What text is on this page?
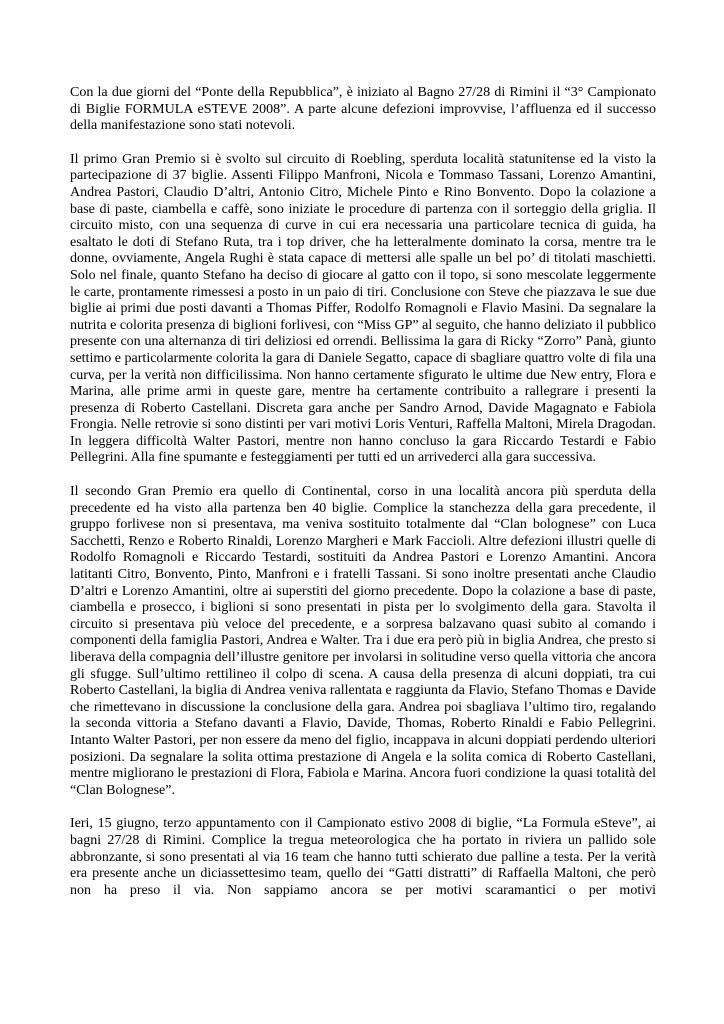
Con la due giorni del “Ponte della Repubblica”, è iniziato al Bagno 27/28 di Rimini il “3° Campionato di Biglie FORMULA eSTEVE 2008”. A parte alcune defezioni improvvise, l’affluenza ed il successo della manifestazione sono stati notevoli.

Il primo Gran Premio si è svolto sul circuito di Roebling, sperduta località statunitense ed la visto la partecipazione di 37 biglie. Assenti Filippo Manfroni, Nicola e Tommaso Tassani, Lorenzo Amantini, Andrea Pastori, Claudio D’altri, Antonio Citro, Michele Pinto e Rino Bonvento. Dopo la colazione a base di paste, ciambella e caffè, sono iniziate le procedure di partenza con il sorteggio della griglia. Il circuito misto, con una sequenza di curve in cui era necessaria una particolare tecnica di guida, ha esaltato le doti di Stefano Ruta, tra i top driver, che ha letteralmente dominato la corsa, mentre tra le donne, ovviamente, Angela Rughi è stata capace di mettersi alle spalle un bel po’ di titolati maschietti. Solo nel finale, quanto Stefano ha deciso di giocare al gatto con il topo, si sono mescolate leggermente le carte, prontamente rimessesi a posto in un paio di tiri. Conclusione con Steve che piazzava le sue due biglie ai primi due posti davanti a Thomas Piffer, Rodolfo Romagnoli e Flavio Masini. Da segnalare la nutrita e colorita presenza di biglioni forlivesi, con “Miss GP” al seguito, che hanno deliziato il pubblico presente con una alternanza di tiri deliziosi ed orrendi. Bellissima la gara di Ricky “Zorro” Panà, giunto settimo e particolarmente colorita la gara di Daniele Segatto, capace di sbagliare quattro volte di fila una curva, per la verità non difficilissima. Non hanno certamente sfigurato le ultime due New entry, Flora e Marina, alle prime armi in queste gare, mentre ha certamente contribuito a rallegrare i presenti la presenza di Roberto Castellani. Discreta gara anche per Sandro Arnod, Davide Magagnato e Fabiola Frongia. Nelle retrovie si sono distinti per vari motivi Loris Venturi, Raffella Maltoni, Mirela Dragodan. In leggera difficoltà Walter Pastori, mentre non hanno concluso la gara Riccardo Testardi e Fabio Pellegrini. Alla fine spumante e festeggiamenti per tutti ed un arrivederci alla gara successiva.

Il secondo Gran Premio era quello di Continental, corso in una località ancora più sperduta della precedente ed ha visto alla partenza ben 40 biglie. Complice la stanchezza della gara precedente, il gruppo forlivese non si presentava, ma veniva sostituito totalmente dal “Clan bolognese” con Luca Sacchetti, Renzo e Roberto Rinaldi, Lorenzo Margheri e Mark Faccioli. Altre defezioni illustri quelle di Rodolfo Romagnoli e Riccardo Testardi, sostituiti da Andrea Pastori e Lorenzo Amantini. Ancora latitanti Citro, Bonvento, Pinto, Manfroni e i fratelli Tassani. Si sono inoltre presentati anche Claudio D’altri e Lorenzo Amantini, oltre ai superstiti del giorno precedente. Dopo la colazione a base di paste, ciambella e prosecco, i biglioni si sono presentati in pista per lo svolgimento della gara. Stavolta il circuito si presentava più veloce del precedente, e a sorpresa balzavano quasi subito al comando i componenti della famiglia Pastori, Andrea e Walter. Tra i due era però più in biglia Andrea, che presto si liberava della compagnia dell’illustre genitore per involarsi in solitudine verso quella vittoria che ancora gli sfugge. Sull’ultimo rettilineo il colpo di scena. A causa della presenza di alcuni doppiati, tra cui Roberto Castellani, la biglia di Andrea veniva rallentata e raggiunta da Flavio, Stefano Thomas e Davide che rimettevano in discussione la conclusione della gara. Andrea poi sbagliava l’ultimo tiro, regalando la seconda vittoria a Stefano davanti a Flavio, Davide, Thomas, Roberto Rinaldi e Fabio Pellegrini. Intanto Walter Pastori, per non essere da meno del figlio, incappava in alcuni doppiati perdendo ulteriori posizioni. Da segnalare la solita ottima prestazione di Angela e la solita comica di Roberto Castellani, mentre migliorano le prestazioni di Flora, Fabiola e Marina. Ancora fuori condizione la quasi totalità del “Clan Bolognese”.

Ieri, 15 giugno, terzo appuntamento con il Campionato estivo 2008 di biglie, “La Formula eSteve”, ai bagni 27/28 di Rimini. Complice la tregua meteorologica che ha portato in riviera un pallido sole abbronzante, si sono presentati al via 16 team che hanno tutti schierato due palline a testa. Per la verità era presente anche un diciassettesimo team, quello dei “Gatti distratti” di Raffaella Maltoni, che però non ha preso il via. Non sappiamo ancora se per motivi scaramantici o per motivi
